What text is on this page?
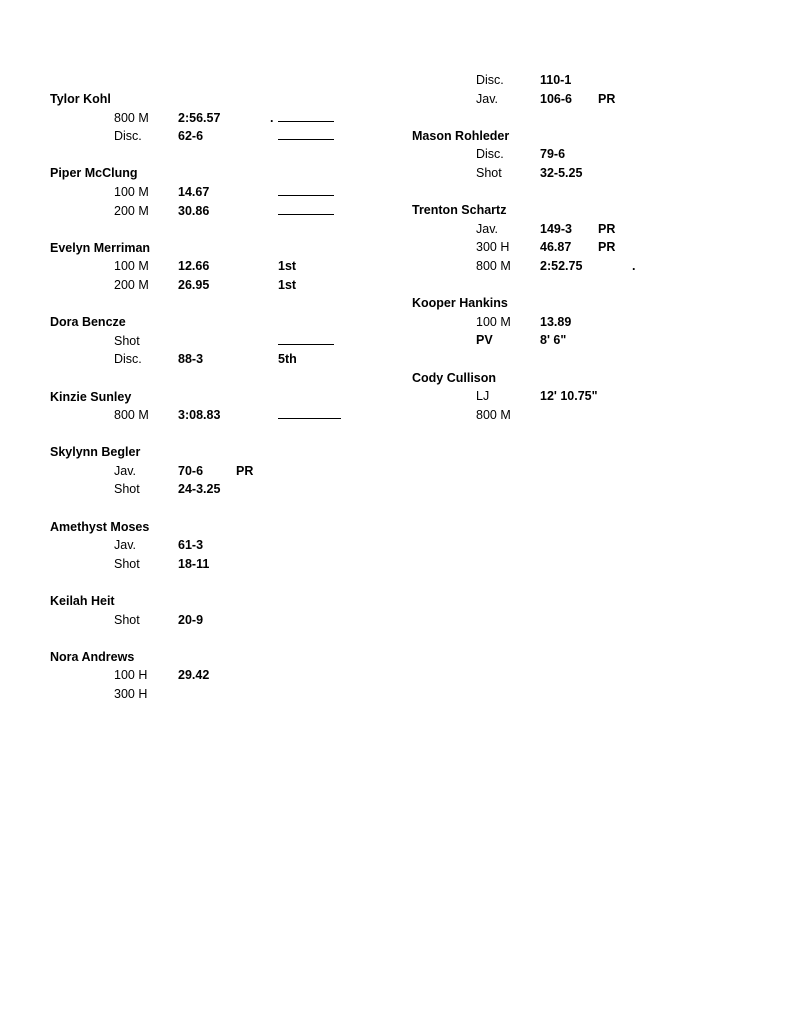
Tylor Kohl
800 M 2:56.57	.
Disc.	62-6
Piper McClung
100 M 14.67
200 M 30.86
Evelyn Merriman
100 M 12.66	1st
200 M 26.95	1st
Dora Bencze
Shot
Disc.	88-3	5th
Kinzie Sunley
800 M 3:08.83
Skylynn Begler
Jav.	70-6	PR
Shot	24-3.25
Amethyst Moses
Jav.	61-3
Shot	18-11
Keilah Heit
Shot	20-9
Nora Andrews
100 H 29.42
300 H
Disc.	110-1
Jav.	106-6 PR
Mason Rohleder
Disc.	79-6
Shot	32-5.25
Trenton Schartz
Jav.	149-3 PR
300 H 46.87 PR
800 M 2:52.75	.
Kooper Hankins
100 M 13.89
PV	8' 6"
Cody Cullison
LJ	12' 10.75"
800 M
